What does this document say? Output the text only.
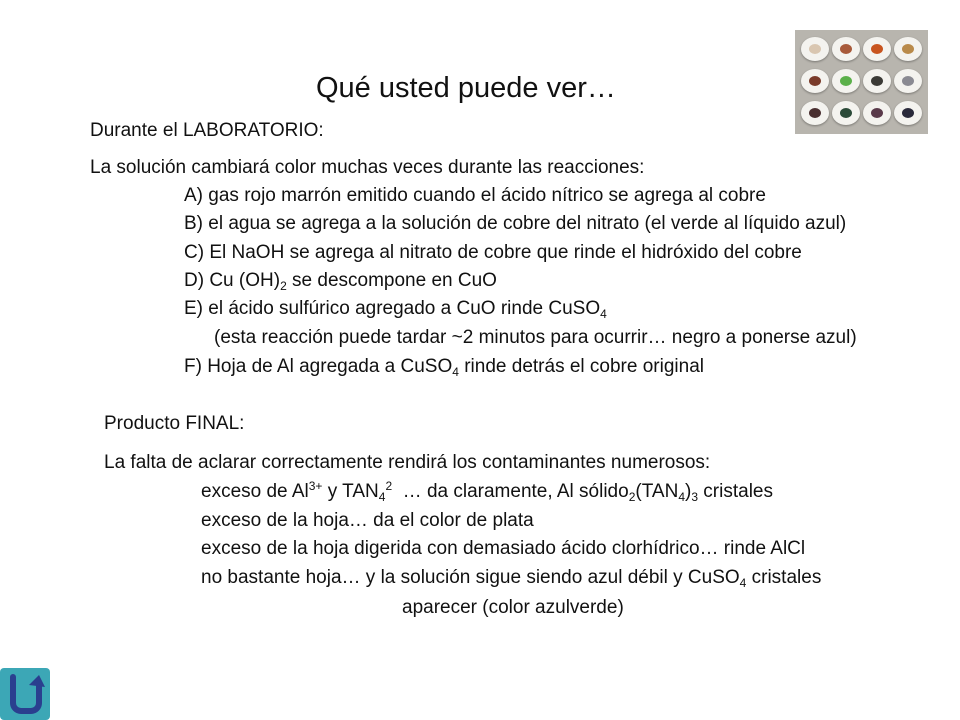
Qué usted puede ver…
Durante el LABORATORIO:
La solución cambiará color muchas veces durante las reacciones:
A) gas rojo marrón emitido cuando el ácido nítrico se agrega al cobre
B) el agua se agrega a la solución de cobre del nitrato (el verde al líquido azul)
C) El NaOH se agrega al nitrato de cobre que rinde el hidróxido del cobre
D) Cu $(OH)_2$ se descompone en CuO
E) el ácido sulfúrico agregado a CuO rinde CuSO$_4$
(esta reacción puede tardar ~2 minutos para ocurrir… negro a ponerse azul)
F) Hoja de Al agregada a CuSO$_4$ rinde detrás el cobre original
Producto FINAL:
La falta de aclarar correctamente rendirá los contaminantes numerosos:
exceso de $Al^{3+}$ y $TAN_4^2$  … da claramente, Al $sólido_2(TAN_4)_3$ cristales
exceso de la hoja… da el color de plata
exceso de la hoja digerida con demasiado ácido clorhídrico… rinde AlCl
no bastante hoja… y la solución sigue siendo azul débil y CuSO$_4$ cristales
aparecer (color azulverde)
